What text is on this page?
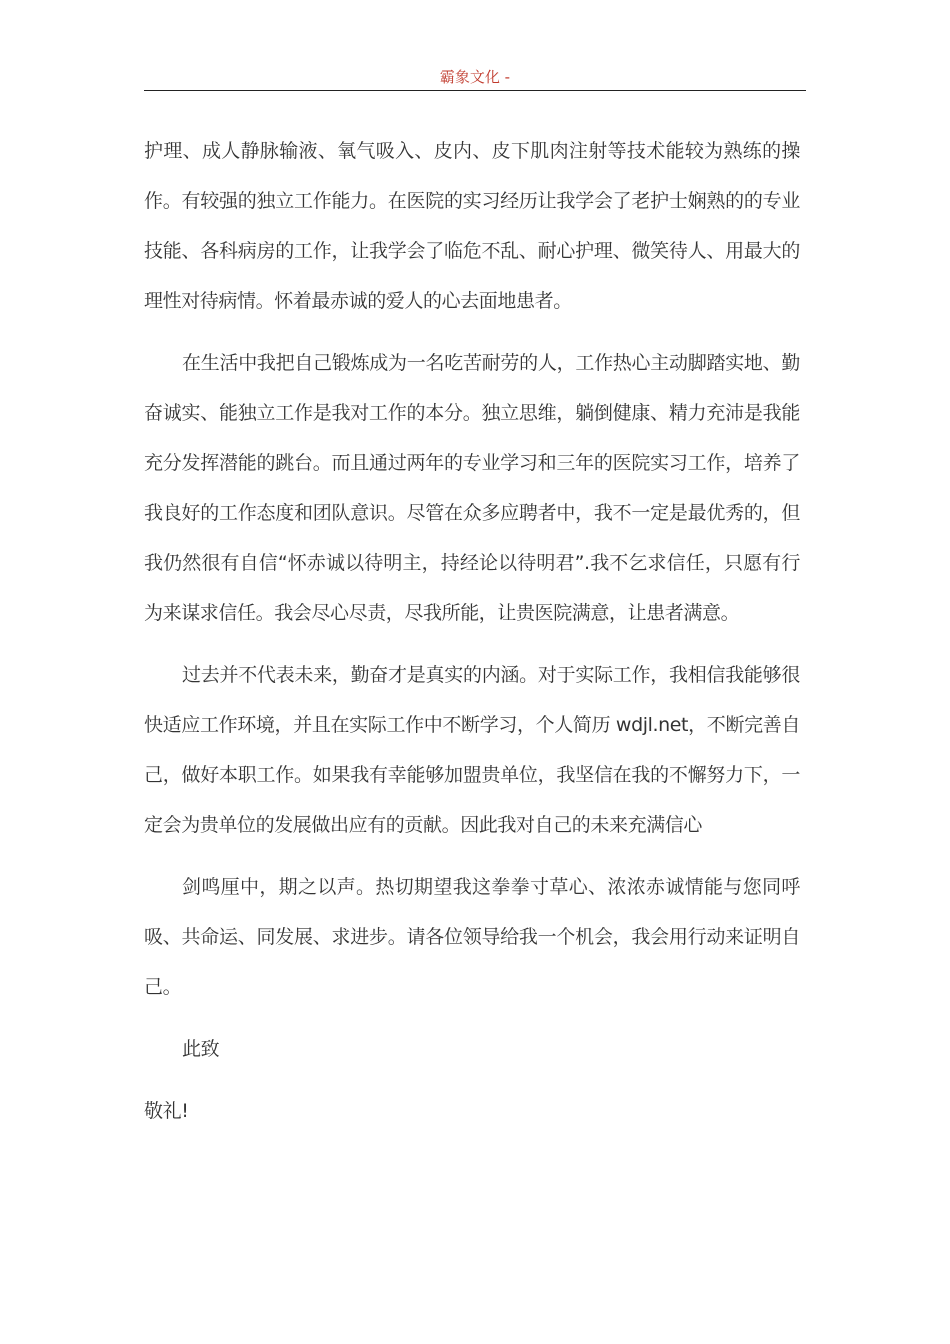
霸象文化 -

护理、成人静脉输液、氧气吸入、皮内、皮下肌肉注射等技术能较为熟练的操作。有较强的独立工作能力。在医院的实习经历让我学会了老护士娴熟的的专业技能、各科病房的工作，让我学会了临危不乱、耐心护理、微笑待人、用最大的理性对待病情。怀着最赤诚的爱人的心去面地患者。

在生活中我把自己锻炼成为一名吃苦耐劳的人，工作热心主动脚踏实地、勤奋诚实、能独立工作是我对工作的本分。独立思维，躺倒健康、精力充沛是我能充分发挥潜能的跳台。而且通过两年的专业学习和三年的医院实习工作，培养了我良好的工作态度和团队意识。尽管在众多应聘者中，我不一定是最优秀的，但我仍然很有自信“怀赤诚以待明主，持经论以待明君”.我不乞求信任，只愿有行为来谋求信任。我会尽心尽责，尽我所能，让贵医院满意，让患者满意。

过去并不代表未来，勤奋才是真实的内涵。对于实际工作，我相信我能够很快适应工作环境，并且在实际工作中不断学习，个人简历 wdjl.net，不断完善自己，做好本职工作。如果我有幸能够加盟贵单位，我坚信在我的不懈努力下，一定会为贵单位的发展做出应有的贡献。因此我对自己的未来充满信心

剑鸣厘中，期之以声。热切期望我这拳拳寸草心、浓浓赤诚情能与您同呼吸、共命运、同发展、求进步。请各位领导给我一个机会，我会用行动来证明自己。

此致

敬礼!
